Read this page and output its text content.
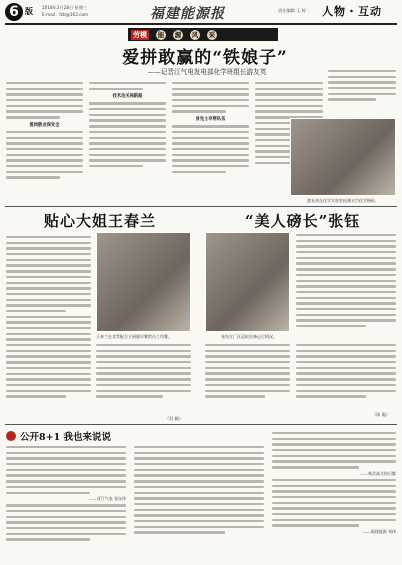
6 版 2018年3月28日 星期三
E-mail：fzb@163.com	福建能源报	责任编辑 王 婷 人物・互动
劳模	能 源 风 采
爱拼敢赢的“铁娘子”
——记晋江气电发电部化学班组长游友英
爱岗敬业保安全
技术攻关闯新路
身先士卒带队伍
游友英在化学实验室检测水汽化学指标。
贴心大姐王春兰
王春兰在食堂配合主厨做早餐给员工用餐。
（苏 颖）
“美人磅长”张钰
张钰在厂区巡检设备运行情况。
（陈 聪）
公开8+1 我也来说说
——晋江气电 张钰伟
——林武高支持后勤
——福建能源 刘伟
